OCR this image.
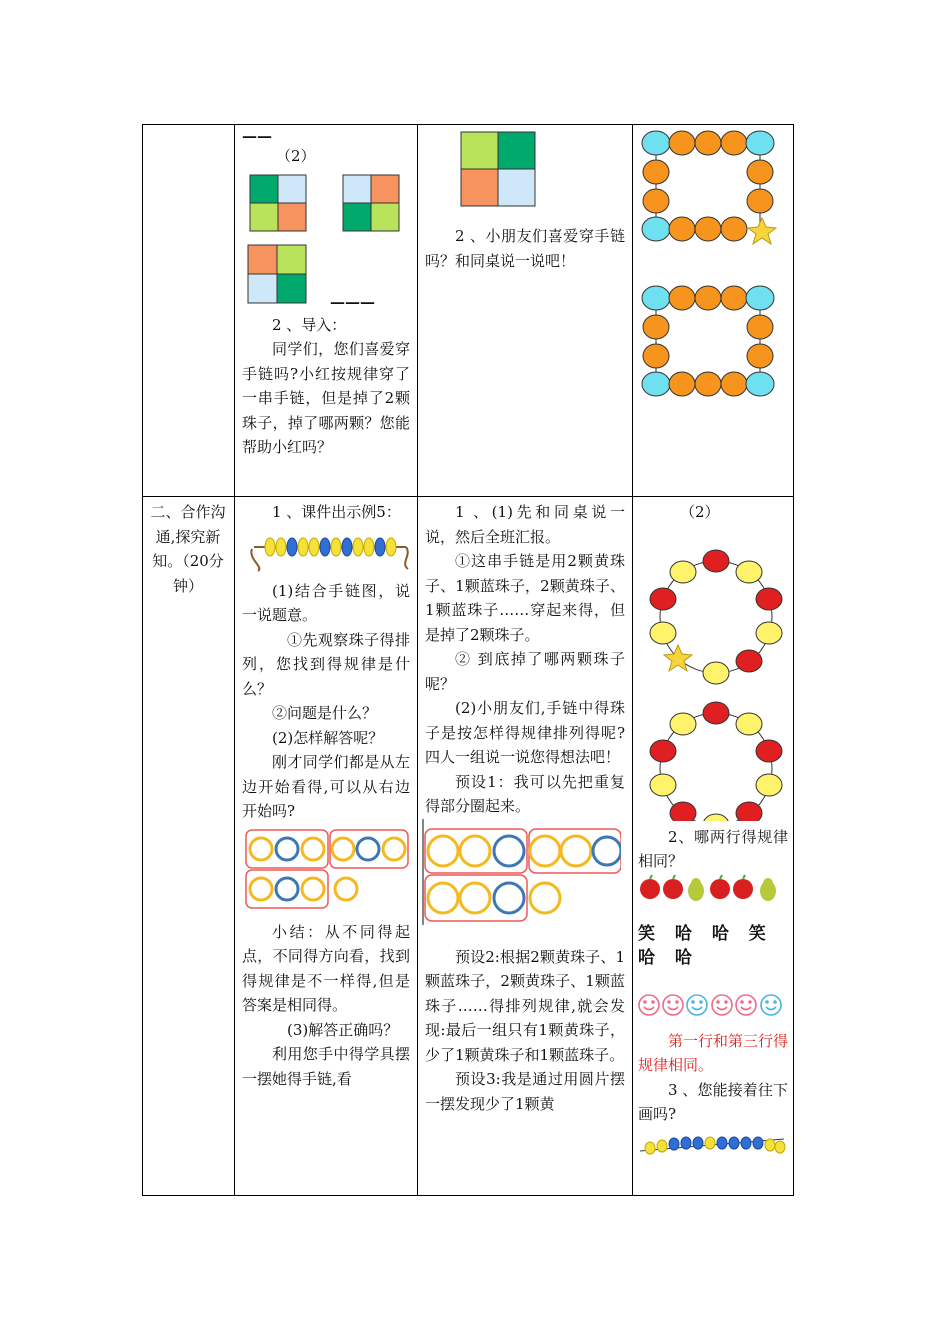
——
（2）
———

2 、导入：

同学们，您们喜爱穿手链吗?小红按规律穿了一串手链，但是掉了2颗珠子，掉了哪两颗？您能帮助小红吗？

2 、小朋友们喜爱穿手链吗？和同桌说一说吧！

二、合作沟通,探究新知。（20分钟）

1 、课件出示例5：

(1)结合手链图，说一说题意。

①先观察珠子得排列，您找到得规律是什么？

②问题是什么？

(2)怎样解答呢？

刚才同学们都是从左边开始看得,可以从右边开始吗?

小结：从不同得起点，不同得方向看，找到得规律是不一样得,但是答案是相同得。

(3)解答正确吗？

利用您手中得学具摆一摆她得手链,看

1 、(1)先和同桌说一说，然后全班汇报。

①这串手链是用2颗黄珠子、1颗蓝珠子，2颗黄珠子、1颗蓝珠子……穿起来得，但是掉了2颗珠子。

② 到底掉了哪两颗珠子呢？

(2)小朋友们,手链中得珠子是按怎样得规律排列得呢?四人一组说一说您得想法吧！

预设1：我可以先把重复得部分圈起来。

预设2:根据2颗黄珠子、1颗蓝珠子，2颗黄珠子、1颗蓝珠子……得排列规律,就会发现:最后一组只有1颗黄珠子，少了1颗黄珠子和1颗蓝珠子。

预设3:我是通过用圆片摆一摆发现少了1颗黄

（2）

2、哪两行得规律相同？

笑 哈 哈 笑 哈 哈

第一行和第三行得规律相同。

3 、您能接着往下画吗?
